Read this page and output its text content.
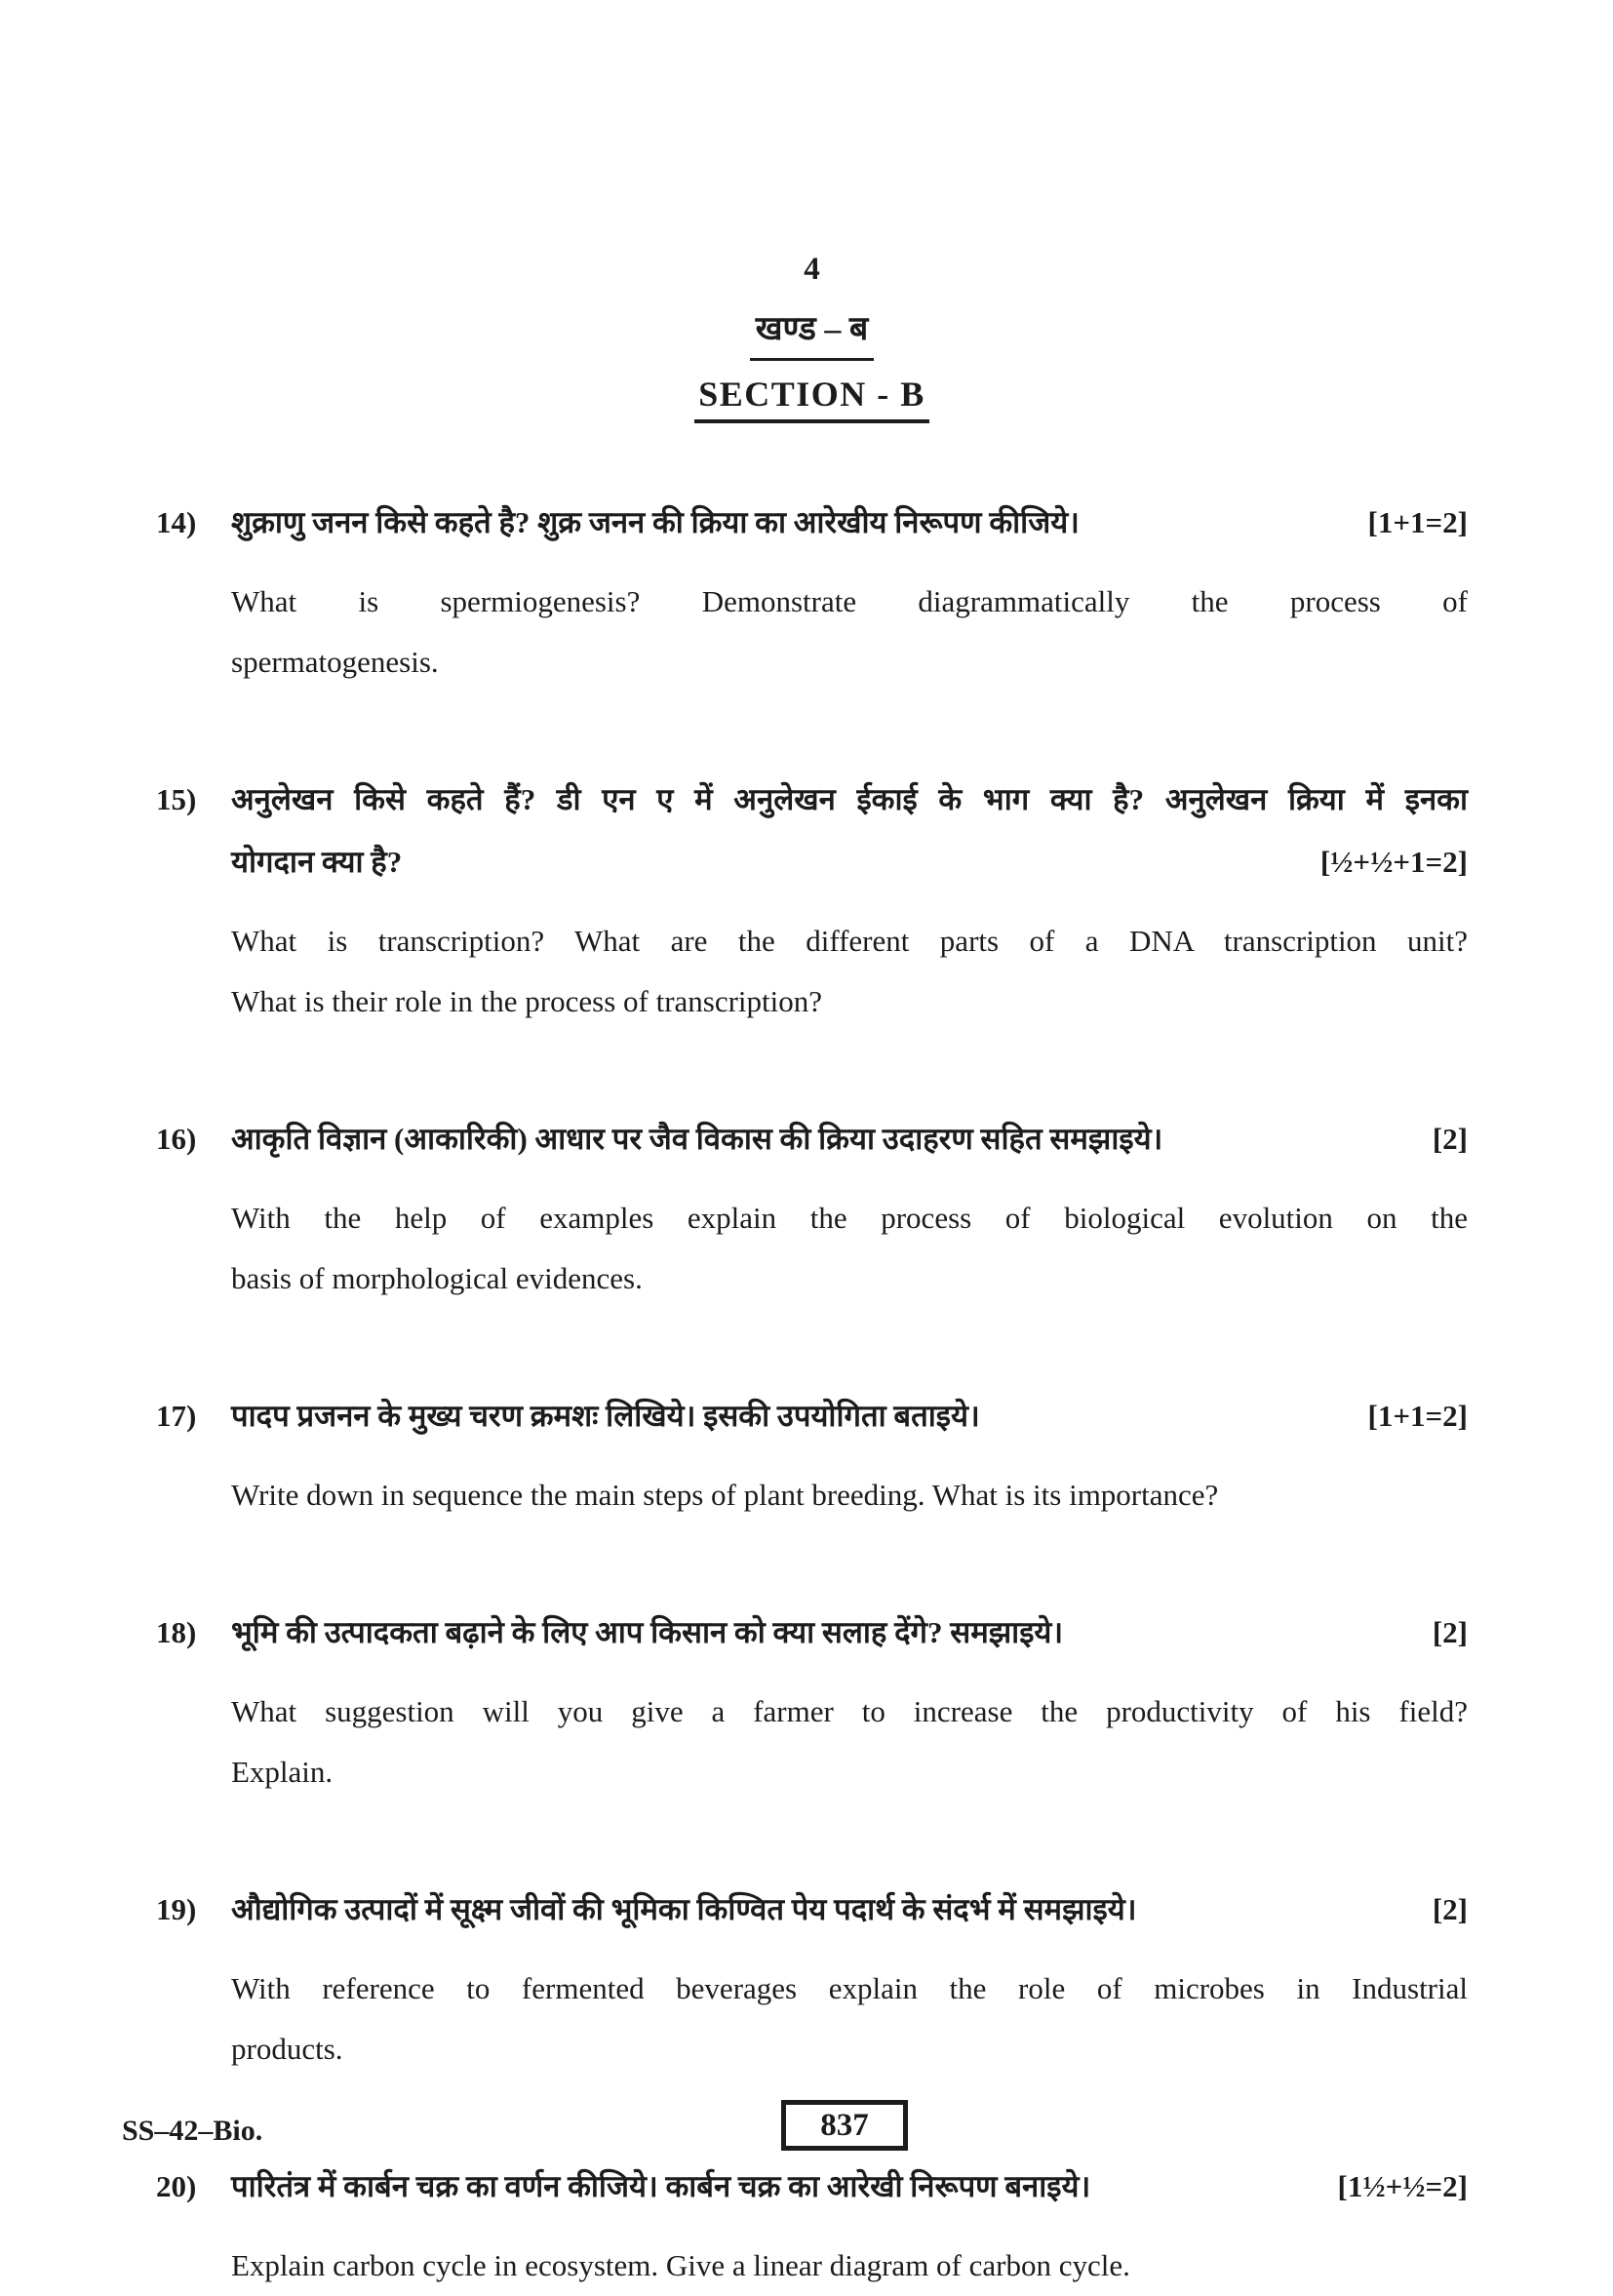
4
खण्ड – ब
SECTION - B
14)	शुक्राणु जनन किसे कहते है? शुक्र जनन की क्रिया का आरेखीय निरूपण कीजिये।	[1+1=2]
What is spermiogenesis? Demonstrate diagrammatically the process of
spermatogenesis.
15)	अनुलेखन किसे कहते हैं? डी एन ए में अनुलेखन ईकाई के भाग क्या है? अनुलेखन क्रिया में इनका
योगदान क्या है?	[½+½+1=2]
What is transcription? What are the different parts of a DNA transcription unit?
What is their role in the process of transcription?
16)	आकृति विज्ञान (आकारिकी) आधार पर जैव विकास की क्रिया उदाहरण सहित समझाइये।	[2]
With the help of examples explain the process of biological evolution on the
basis of morphological evidences.
17)	पादप प्रजनन के मुख्य चरण क्रमशः लिखिये। इसकी उपयोगिता बताइये।	[1+1=2]
Write down in sequence the main steps of plant breeding. What is its importance?
18)	भूमि की उत्पादकता बढ़ाने के लिए आप किसान को क्या सलाह देंगे? समझाइये।	[2]
What suggestion will you give a farmer to increase the productivity of his field?
Explain.
19)	औद्योगिक उत्पादों में सूक्ष्म जीवों की भूमिका किण्वित पेय पदार्थ के संदर्भ में समझाइये।	[2]
With reference to fermented beverages explain the role of microbes in Industrial
products.
20)	पारितंत्र में कार्बन चक्र का वर्णन कीजिये। कार्बन चक्र का आरेखी निरूपण बनाइये।	[1½+½=2]
Explain carbon cycle in ecosystem. Give a linear diagram of carbon cycle.
SS–42–Bio.	837
